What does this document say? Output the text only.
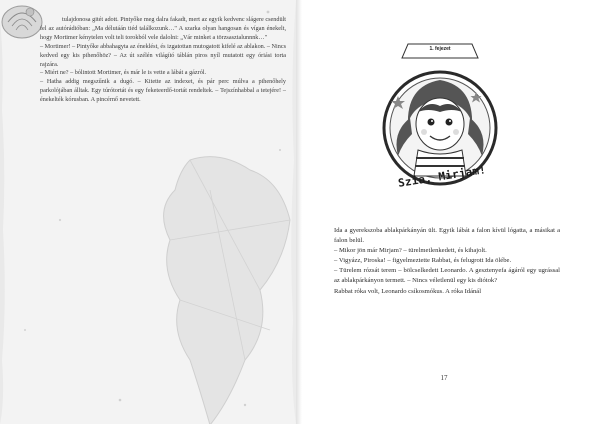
tulajdonosa gitét adott. Pintyőke meg dalra fakadt, mert az egyik kedvenc slágere csendült fel az autórádióban: „Ma délutáán tiéd találkozunk…" A szarka olyan hangosan és vígan énekelt, hogy Mortimer kénytelen volt teli torokból vele dalolni: „Vár minket a törzsasztalunnnk…"

– Mortimer! – Pintyőke abbahagyta az éneklést, és izgatottan mutogatott kifelé az ablakon. – Nincs kedved egy kis pihenőhöz? – Az út szélén világító táblán piros nyíl mutatott egy óriási torta rajzára.

– Miért ne? – bólintott Mortimer, és már le is vette a lábát a gázról.

– Hatha addig megszűnik a dugó. – Kitette az indexet, és pár perc múlva a pihenőhely parkolójában álltak. Egy túrótortát és egy feketeerdő-tortát rendeltek. – Tejszínhabbal a tetejére! – énekelték kórusban. A pincérnő nevetett.

1. fejezet
Szia, Mirjam!

Ida a gyerekszoba ablakpárkányán ült. Egyik lábát a falon kívül lógatta, a másikat a falon belül.

– Mikor jön már Mirjam? – türelmetlenkedett, és kihajolt.

– Vigyázz, Piroska! – figyelmeztette Rabbat, és felugrott Ida ölébe.

– Türelem rózsát terem – bölcselkedett Leonardo. A gesztenyefa ágáról egy ugrással az ablakpárkányon termett. – Nincs véletlenül egy kis diótok?

Rabbat róka volt, Leonardo csíkosmókus. A róka Idánál

17
